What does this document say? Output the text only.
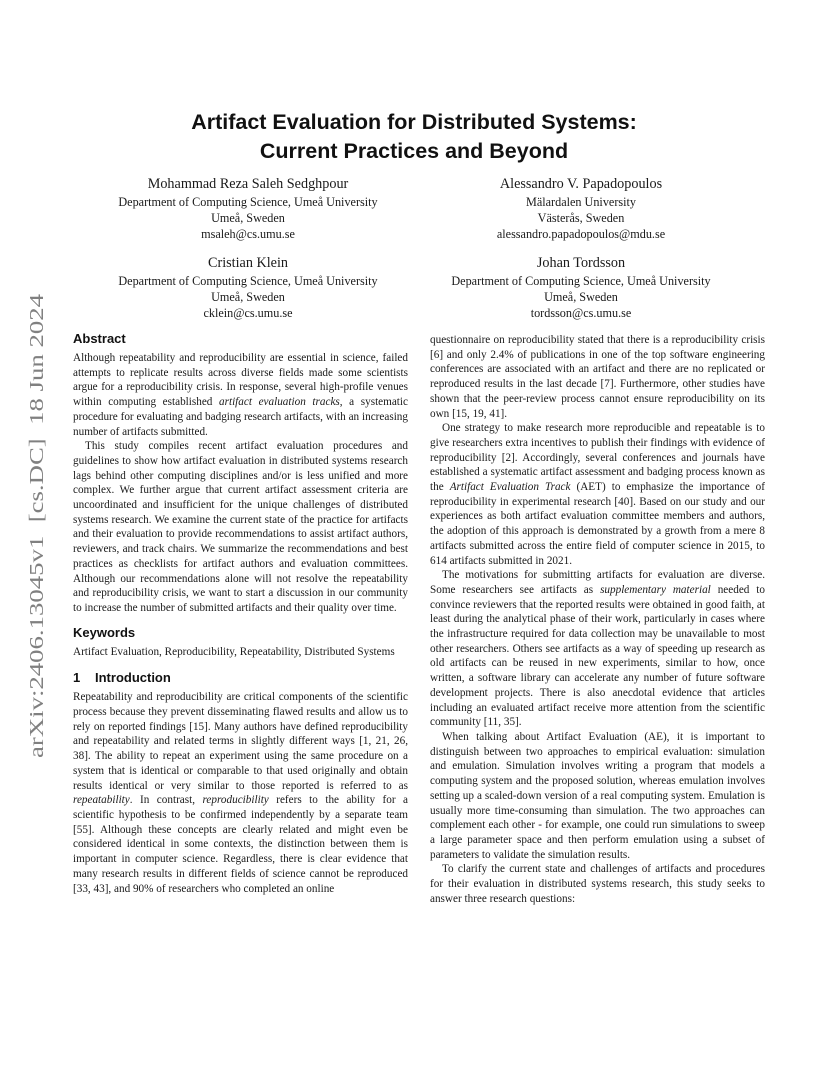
arXiv:2406.13045v1  [cs.DC]  18 Jun 2024
Artifact Evaluation for Distributed Systems:
Current Practices and Beyond
Mohammad Reza Saleh Sedghpour
Department of Computing Science, Umeå University
Umeå, Sweden
msaleh@cs.umu.se
Alessandro V. Papadopoulos
Mälardalen University
Västerås, Sweden
alessandro.papadopoulos@mdu.se
Cristian Klein
Department of Computing Science, Umeå University
Umeå, Sweden
cklein@cs.umu.se
Johan Tordsson
Department of Computing Science, Umeå University
Umeå, Sweden
tordsson@cs.umu.se
Abstract

Although repeatability and reproducibility are essential in science, failed attempts to replicate results across diverse fields made some scientists argue for a reproducibility crisis. In response, several high-profile venues within computing established artifact evaluation tracks, a systematic procedure for evaluating and badging research artifacts, with an increasing number of artifacts submitted.

This study compiles recent artifact evaluation procedures and guidelines to show how artifact evaluation in distributed systems research lags behind other computing disciplines and/or is less unified and more complex. We further argue that current artifact assessment criteria are uncoordinated and insufficient for the unique challenges of distributed systems research. We examine the current state of the practice for artifacts and their evaluation to provide recommendations to assist artifact authors, reviewers, and track chairs. We summarize the recommendations and best practices as checklists for artifact authors and evaluation committees. Although our recommendations alone will not resolve the repeatability and reproducibility crisis, we want to start a discussion in our community to increase the number of submitted artifacts and their quality over time.

Keywords

Artifact Evaluation, Reproducibility, Repeatability, Distributed Systems

1 Introduction

Repeatability and reproducibility are critical components of the scientific process because they prevent disseminating flawed results and allow us to rely on reported findings [15]. Many authors have defined reproducibility and repeatability and related terms in slightly different ways [1, 21, 26, 38]. The ability to repeat an experiment using the same procedure on a system that is identical or comparable to that used originally and obtain results identical or very similar to those reported is referred to as repeatability. In contrast, reproducibility refers to the ability for a scientific hypothesis to be confirmed independently by a separate team [55]. Although these concepts are clearly related and might even be considered identical in some contexts, the distinction between them is important in computer science. Regardless, there is clear evidence that many research results in different fields of science cannot be reproduced [33, 43], and 90% of researchers who completed an online

questionnaire on reproducibility stated that there is a reproducibility crisis [6] and only 2.4% of publications in one of the top software engineering conferences are associated with an artifact and there are no replicated or reproduced results in the last decade [7]. Furthermore, other studies have shown that the peer-review process cannot ensure reproducibility on its own [15, 19, 41].

One strategy to make research more reproducible and repeatable is to give researchers extra incentives to publish their findings with evidence of reproducibility [2]. Accordingly, several conferences and journals have established a systematic artifact assessment and badging process known as the Artifact Evaluation Track (AET) to emphasize the importance of reproducibility in experimental research [40]. Based on our study and our experiences as both artifact evaluation committee members and authors, the adoption of this approach is demonstrated by a growth from a mere 8 artifacts submitted across the entire field of computer science in 2015, to 614 artifacts submitted in 2021.

The motivations for submitting artifacts for evaluation are diverse. Some researchers see artifacts as supplementary material needed to convince reviewers that the reported results were obtained in good faith, at least during the analytical phase of their work, particularly in cases where the infrastructure required for data collection may be unavailable to most other researchers. Others see artifacts as a way of speeding up research as old artifacts can be reused in new experiments, similar to how, once written, a software library can accelerate any number of future software development projects. There is also anecdotal evidence that articles including an evaluated artifact receive more attention from the scientific community [11, 35].

When talking about Artifact Evaluation (AE), it is important to distinguish between two approaches to empirical evaluation: simulation and emulation. Simulation involves writing a program that models a computing system and the proposed solution, whereas emulation involves setting up a scaled-down version of a real computing system. Emulation is usually more time-consuming than simulation. The two approaches can complement each other - for example, one could run simulations to sweep a large parameter space and then perform emulation using a subset of parameters to validate the simulation results.

To clarify the current state and challenges of artifacts and procedures for their evaluation in distributed systems research, this study seeks to answer three research questions:
